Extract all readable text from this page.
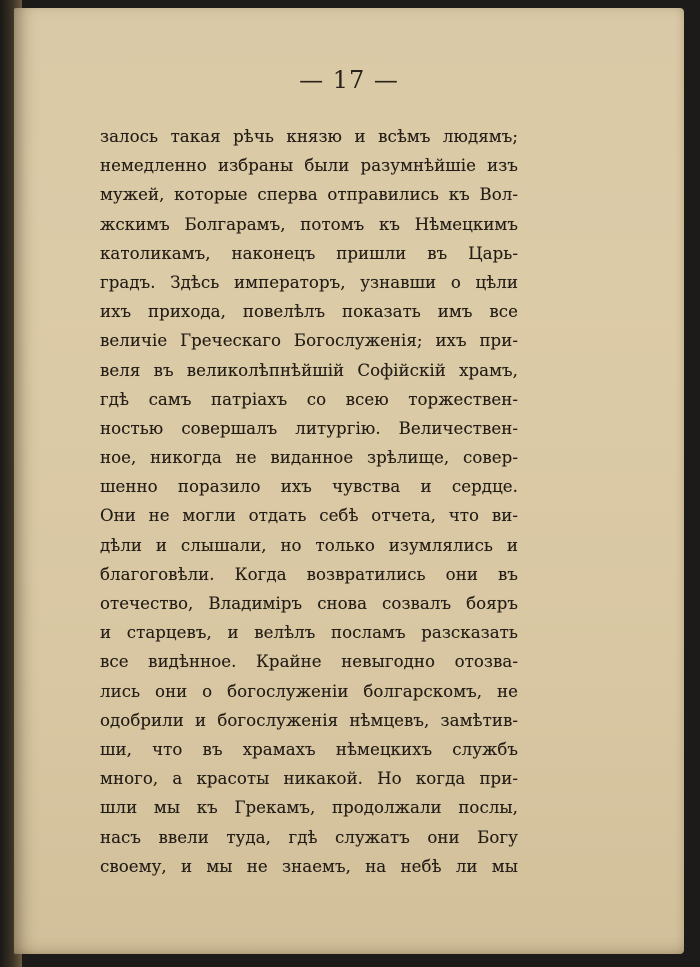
— 17 —
залось такая рѣчь князю и всѣмъ людямъ;
немедленно избраны были разумнѣйшіе изъ
мужей, которые сперва отправились къ Вол-
жскимъ Болгарамъ, потомъ къ Нѣмецкимъ
католикамъ, наконецъ пришли въ Царь-
градъ. Здѣсь императоръ, узнавши о цѣли
ихъ прихода, повелѣлъ показать имъ все
величіе Греческаго Богослуженія; ихъ при-
веля въ великолѣпнѣйшій Софійскій храмъ,
гдѣ самъ патріахъ со всею торжествен-
ностью совершалъ литургію. Величествен-
ное, никогда не виданное зрѣлище, совер-
шенно поразило ихъ чувства и сердце.
Они не могли отдать себѣ отчета, что ви-
дѣли и слышали, но только изумлялись и
благоговѣли. Когда возвратились они въ
отечество, Владиміръ снова созвалъ бояръ
и старцевъ, и велѣлъ посламъ разсказать
все видѣнное. Крайне невыгодно отозва-
лись они о богослуженіи болгарскомъ, не
одобрили и богослуженія нѣмцевъ, замѣтив-
ши, что въ храмахъ нѣмецкихъ службъ
много, а красоты никакой. Но когда при-
шли мы къ Грекамъ, продолжали послы,
насъ ввели туда, гдѣ служатъ они Богу
своему, и мы не знаемъ, на небѣ ли мы
